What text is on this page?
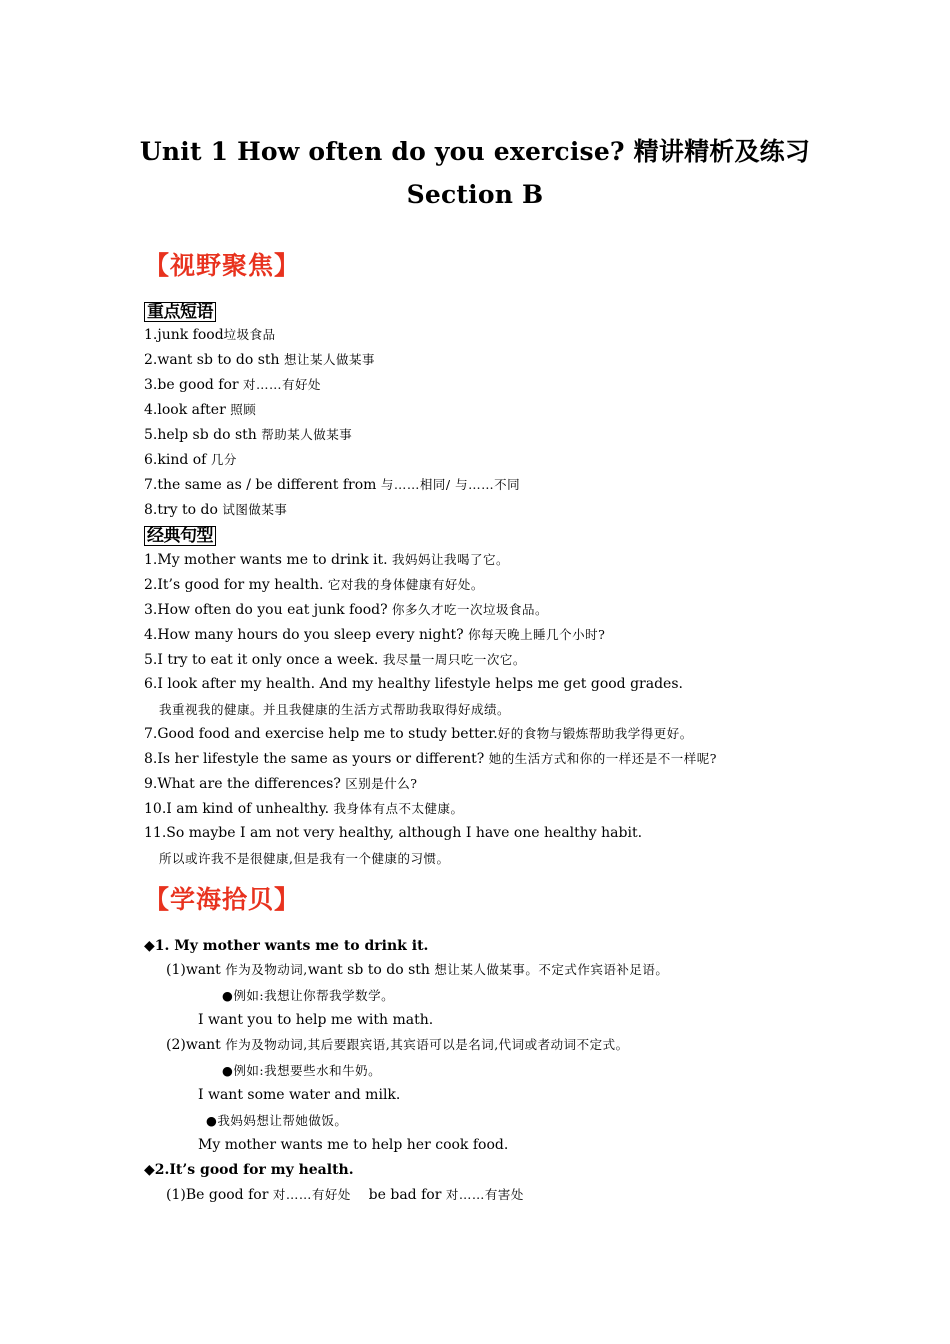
Unit 1 How often do you exercise? 精讲精析及练习
Section B
【视野聚焦】
重点短语
1.junk food垃圾食品
2.want sb to do sth 想让某人做某事
3.be good for 对……有好处
4.look after 照顾
5.help sb do sth 帮助某人做某事
6.kind of 几分
7.the same as / be different from 与……相同/ 与……不同
8.try to do 试图做某事
经典句型
1.My mother wants me to drink it. 我妈妈让我喝了它。
2.It’s good for my health. 它对我的身体健康有好处。
3.How often do you eat junk food? 你多久才吃一次垃圾食品。
4.How many hours do you sleep every night? 你每天晚上睡几个小时?
5.I try to eat it only once a week. 我尽量一周只吃一次它。
6.I look after my health. And my healthy lifestyle helps me get good grades.
我重视我的健康。并且我健康的生活方式帮助我取得好成绩。
7.Good food and exercise help me to study better.好的食物与锻炼帮助我学得更好。
8.Is her lifestyle the same as yours or different? 她的生活方式和你的一样还是不一样呢?
9.What are the differences? 区别是什么?
10.I am kind of unhealthy. 我身体有点不太健康。
11.So maybe I am not very healthy, although I have one healthy habit.
所以或许我不是很健康,但是我有一个健康的习惯。
【学海拾贝】
◆1. My mother wants me to drink it.
(1)want 作为及物动词,want sb to do sth 想让某人做某事。不定式作宾语补足语。
●例如:我想让你帮我学数学。
I want you to help me with math.
(2)want 作为及物动词,其后要跟宾语,其宾语可以是名词,代词或者动词不定式。
●例如:我想要些水和牛奶。
I want some water and milk.
●我妈妈想让帮她做饭。
My mother wants me to help her cook food.
◆2.It’s good for my health.
(1)Be good for 对……有好处 be bad for 对……有害处
